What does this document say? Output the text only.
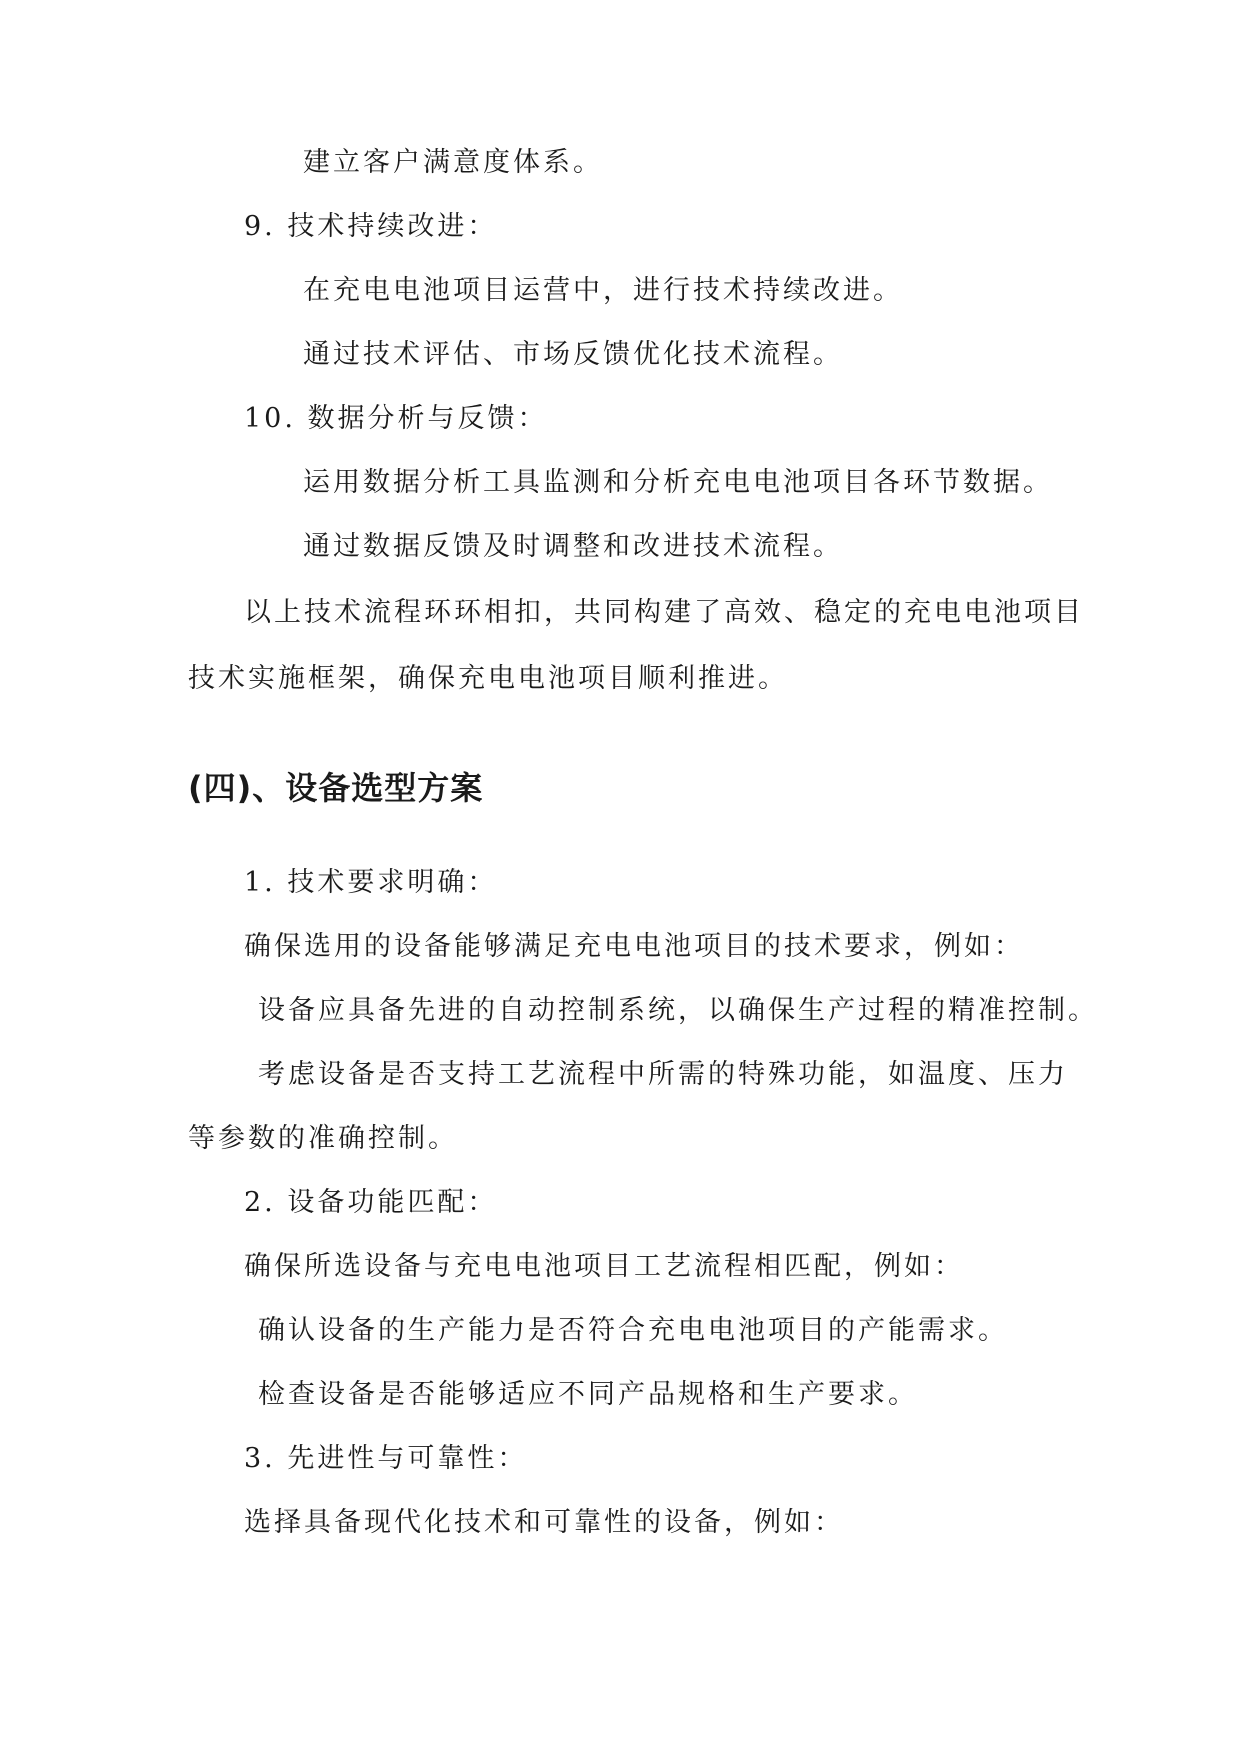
建立客户满意度体系。

9. 技术持续改进：

在充电电池项目运营中，进行技术持续改进。

通过技术评估、市场反馈优化技术流程。

10. 数据分析与反馈：

运用数据分析工具监测和分析充电电池项目各环节数据。

通过数据反馈及时调整和改进技术流程。

以上技术流程环环相扣，共同构建了高效、稳定的充电电池项目

技术实施框架，确保充电电池项目顺利推进。

(四)、设备选型方案

1. 技术要求明确：

确保选用的设备能够满足充电电池项目的技术要求，例如：

设备应具备先进的自动控制系统，以确保生产过程的精准控制。

考虑设备是否支持工艺流程中所需的特殊功能，如温度、压力

等参数的准确控制。

2. 设备功能匹配：

确保所选设备与充电电池项目工艺流程相匹配，例如：

确认设备的生产能力是否符合充电电池项目的产能需求。

检查设备是否能够适应不同产品规格和生产要求。

3. 先进性与可靠性：

选择具备现代化技术和可靠性的设备，例如：
